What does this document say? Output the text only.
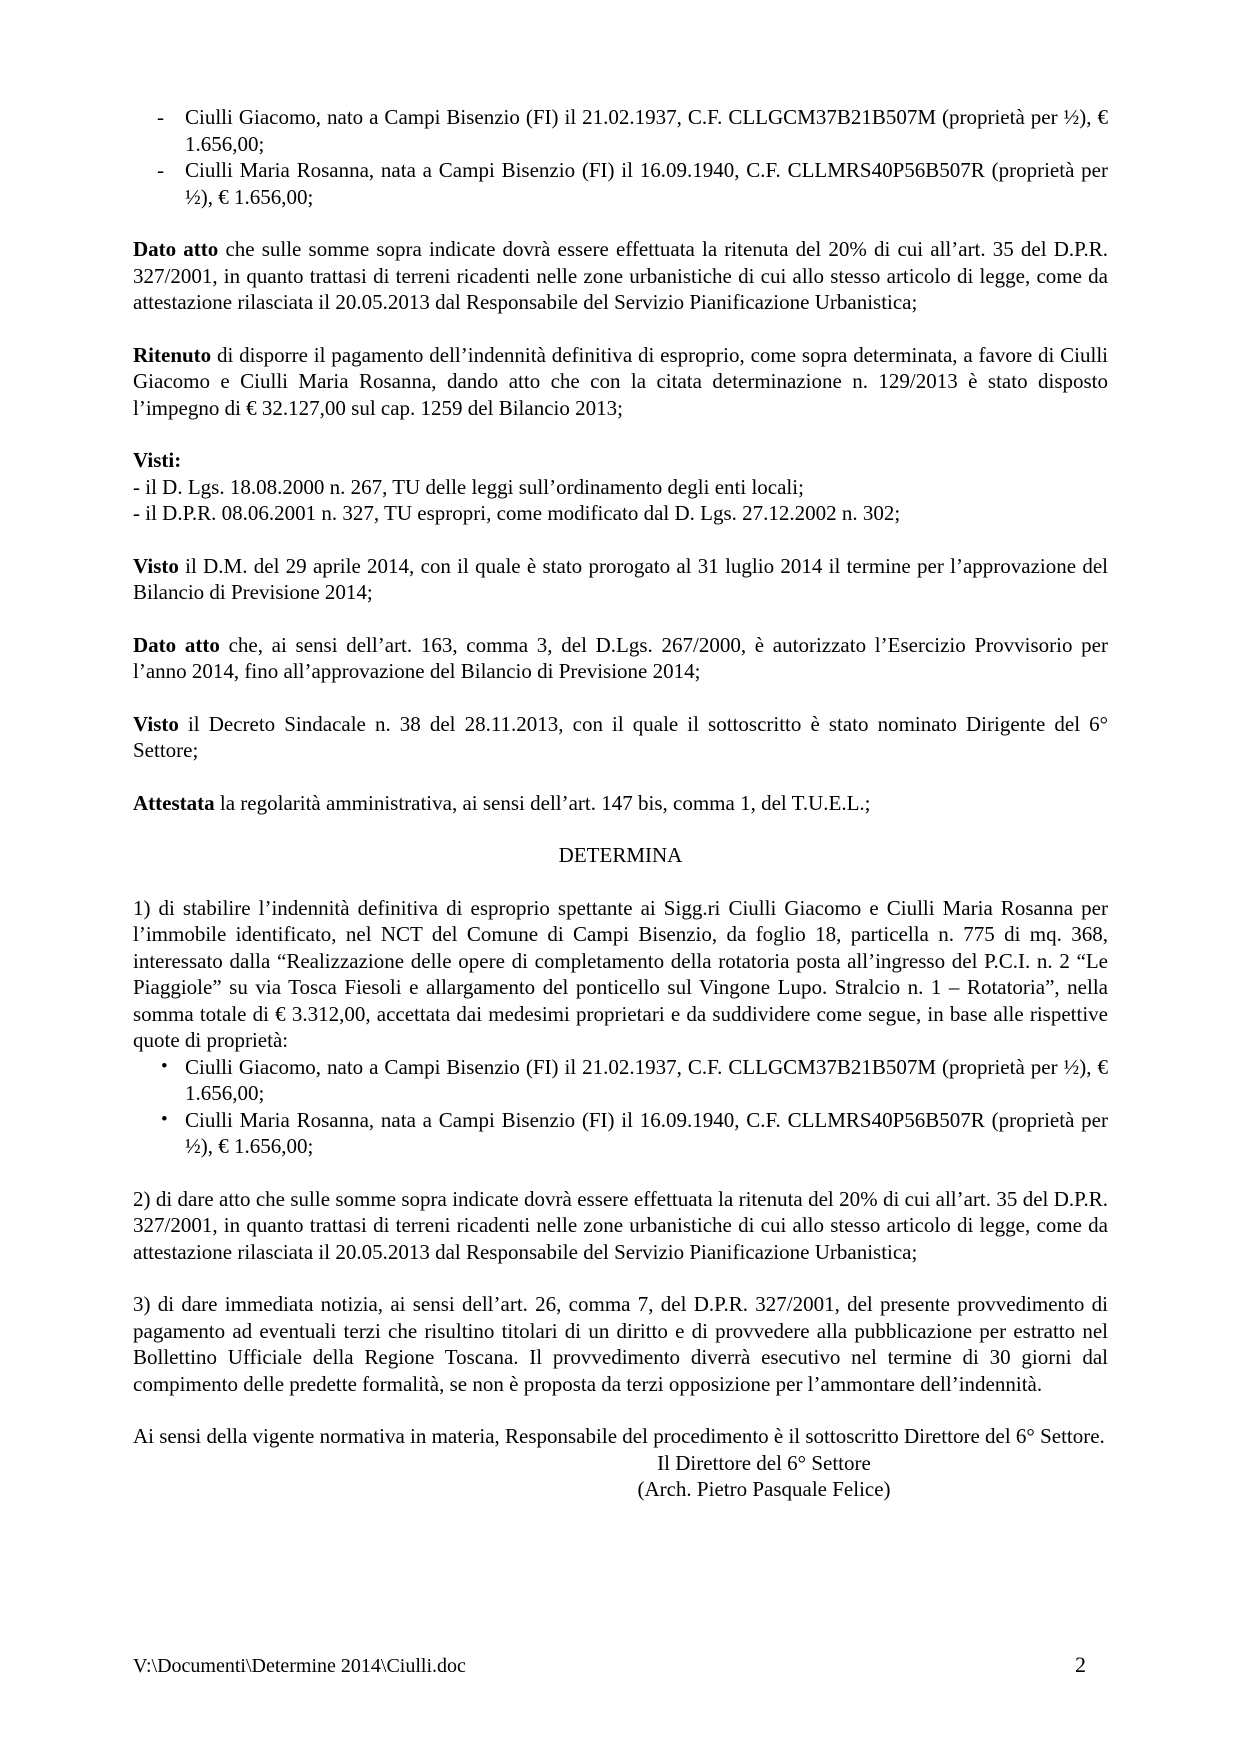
- Ciulli Giacomo, nato a Campi Bisenzio (FI) il 21.02.1937, C.F. CLLGCM37B21B507M (proprietà per ½), € 1.656,00;
- Ciulli Maria Rosanna, nata a Campi Bisenzio (FI) il 16.09.1940, C.F. CLLMRS40P56B507R (proprietà per ½), € 1.656,00;

Dato atto che sulle somme sopra indicate dovrà essere effettuata la ritenuta del 20% di cui all’art. 35 del D.P.R. 327/2001, in quanto trattasi di terreni ricadenti nelle zone urbanistiche di cui allo stesso articolo di legge, come da attestazione rilasciata il 20.05.2013 dal Responsabile del Servizio Pianificazione Urbanistica;

Ritenuto di disporre il pagamento dell’indennità definitiva di esproprio, come sopra determinata, a favore di Ciulli Giacomo e Ciulli Maria Rosanna, dando atto che con la citata determinazione n. 129/2013 è stato disposto l’impegno di € 32.127,00 sul cap. 1259 del Bilancio 2013;

Visti:
- il D. Lgs. 18.08.2000 n. 267, TU delle leggi sull’ordinamento degli enti locali;
- il D.P.R. 08.06.2001 n. 327, TU espropri, come modificato dal D. Lgs. 27.12.2002 n. 302;

Visto il D.M. del 29 aprile 2014, con il quale è stato prorogato al 31 luglio 2014 il termine per l’approvazione del Bilancio di Previsione 2014;

Dato atto che, ai sensi dell’art. 163, comma 3, del D.Lgs. 267/2000, è autorizzato l’Esercizio Provvisorio per l’anno 2014, fino all’approvazione del Bilancio di Previsione 2014;

Visto il Decreto Sindacale n. 38 del 28.11.2013, con il quale il sottoscritto è stato nominato Dirigente del 6° Settore;

Attestata la regolarità amministrativa, ai sensi dell’art. 147 bis, comma 1, del T.U.E.L.;

DETERMINA

1) di stabilire l’indennità definitiva di esproprio spettante ai Sigg.ri Ciulli Giacomo e Ciulli Maria Rosanna per l’immobile identificato, nel NCT del Comune di Campi Bisenzio, da foglio 18, particella n. 775 di mq. 368, interessato dalla “Realizzazione delle opere di completamento della rotatoria posta all’ingresso del P.C.I. n. 2 “Le Piaggiole” su via Tosca Fiesoli e allargamento del ponticello sul Vingone Lupo. Stralcio n. 1 – Rotatoria”, nella somma totale di € 3.312,00, accettata dai medesimi proprietari e da suddividere come segue, in base alle rispettive quote di proprietà:

• Ciulli Giacomo, nato a Campi Bisenzio (FI) il 21.02.1937, C.F. CLLGCM37B21B507M (proprietà per ½), € 1.656,00;
• Ciulli Maria Rosanna, nata a Campi Bisenzio (FI) il 16.09.1940, C.F. CLLMRS40P56B507R (proprietà per ½), € 1.656,00;

2) di dare atto che sulle somme sopra indicate dovrà essere effettuata la ritenuta del 20% di cui all’art. 35 del D.P.R. 327/2001, in quanto trattasi di terreni ricadenti nelle zone urbanistiche di cui allo stesso articolo di legge, come da attestazione rilasciata il 20.05.2013 dal Responsabile del Servizio Pianificazione Urbanistica;

3) di dare immediata notizia, ai sensi dell’art. 26, comma 7, del D.P.R. 327/2001, del presente provvedimento di pagamento ad eventuali terzi che risultino titolari di un diritto e di provvedere alla pubblicazione per estratto nel Bollettino Ufficiale della Regione Toscana. Il provvedimento diverrà esecutivo nel termine di 30 giorni dal compimento delle predette formalità, se non è proposta da terzi opposizione per l’ammontare dell’indennità.

Ai sensi della vigente normativa in materia, Responsabile del procedimento è il sottoscritto Direttore del 6° Settore.

Il Direttore del 6° Settore
(Arch. Pietro Pasquale Felice)
V:\Documenti\Determine 2014\Ciulli.doc	2
